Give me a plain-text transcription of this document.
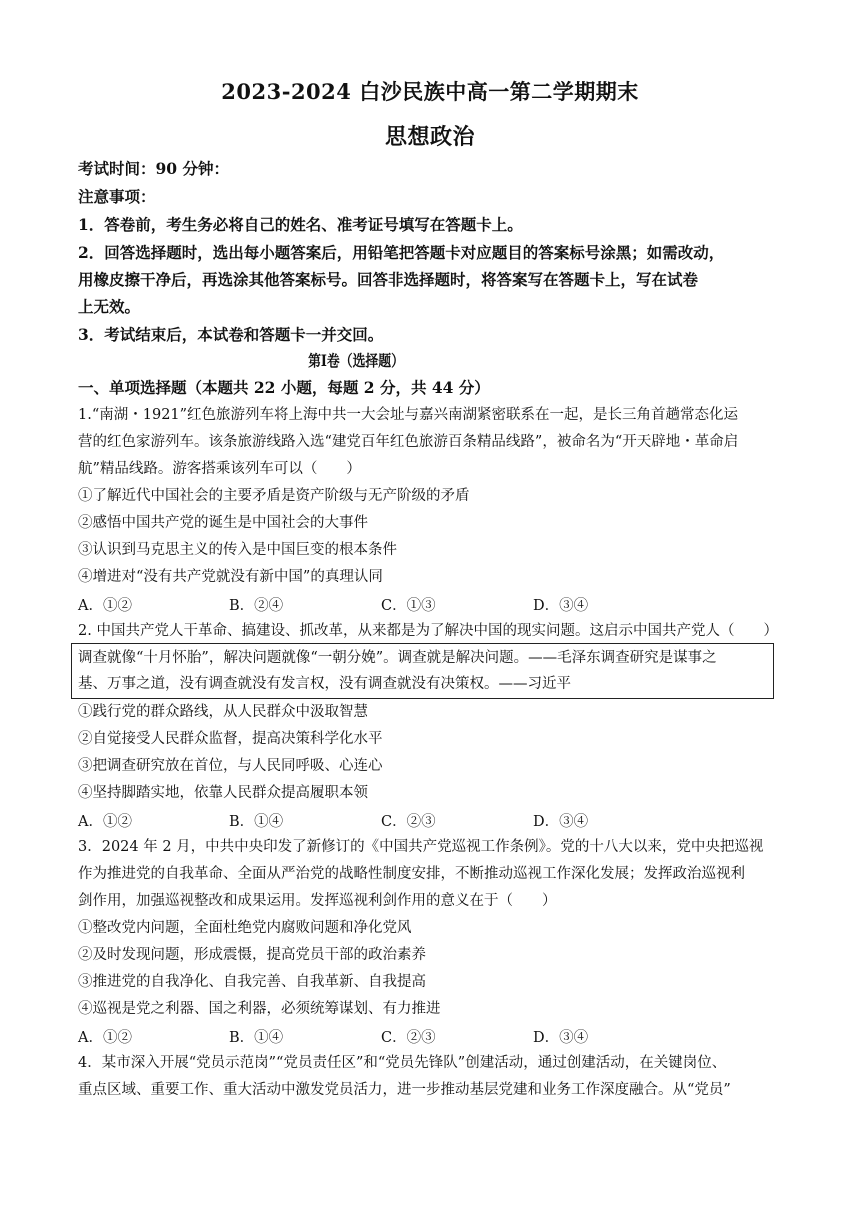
2023-2024 白沙民族中高一第二学期期末
思想政治
考试时间：90 分钟：
注意事项：
1．答卷前，考生务必将自己的姓名、准考证号填写在答题卡上。
2．回答选择题时，选出每小题答案后，用铅笔把答题卡对应题目的答案标号涂黑；如需改动，
用橡皮擦干净后，再选涂其他答案标号。回答非选择题时，将答案写在答题卡上，写在试卷
上无效。
3．考试结束后，本试卷和答题卡一并交回。
第Ⅰ卷（选择题）
一、单项选择题（本题共 22 小题，每题 2 分，共 44 分）
1.“南湖・1921”红色旅游列车将上海中共一大会址与嘉兴南湖紧密联系在一起，是长三角首趟常态化运
营的红色家游列车。该条旅游线路入选“建党百年红色旅游百条精品线路”，被命名为“开天辟地・革命启
航”精品线路。游客搭乘该列车可以（　　）
①了解近代中国社会的主要矛盾是资产阶级与无产阶级的矛盾
②感悟中国共产党的诞生是中国社会的大事件
③认识到马克思主义的传入是中国巨变的根本条件
④增进对“没有共产党就没有新中国”的真理认同
A．①②	B．②④	C．①③	D．③④
2. 中国共产党人干革命、搞建设、抓改革，从来都是为了解决中国的现实问题。这启示中国共产党人（　　）
调查就像“十月怀胎”，解决问题就像“一朝分娩”。调查就是解决问题。——毛泽东调查研究是谋事之
基、万事之道，没有调查就没有发言权，没有调查就没有决策权。——习近平
①践行党的群众路线，从人民群众中汲取智慧
②自觉接受人民群众监督，提高决策科学化水平
③把调查研究放在首位，与人民同呼吸、心连心
④坚持脚踏实地，依靠人民群众提高履职本领
A．①②	B．①④	C．②③	D．③④
3．2024 年 2 月，中共中央印发了新修订的《中国共产党巡视工作条例》。党的十八大以来，党中央把巡视
作为推进党的自我革命、全面从严治党的战略性制度安排，不断推动巡视工作深化发展；发挥政治巡视利
剑作用，加强巡视整改和成果运用。发挥巡视利剑作用的意义在于（　　）
①整改党内问题，全面杜绝党内腐败问题和净化党风
②及时发现问题，形成震慑，提高党员干部的政治素养
③推进党的自我净化、自我完善、自我革新、自我提高
④巡视是党之利器、国之利器，必须统筹谋划、有力推进
A．①②	B．①④	C．②③	D．③④
4．某市深入开展“党员示范岗”“党员责任区”和“党员先锋队”创建活动，通过创建活动，在关键岗位、
重点区域、重要工作、重大活动中激发党员活力，进一步推动基层党建和业务工作深度融合。从“党员”
